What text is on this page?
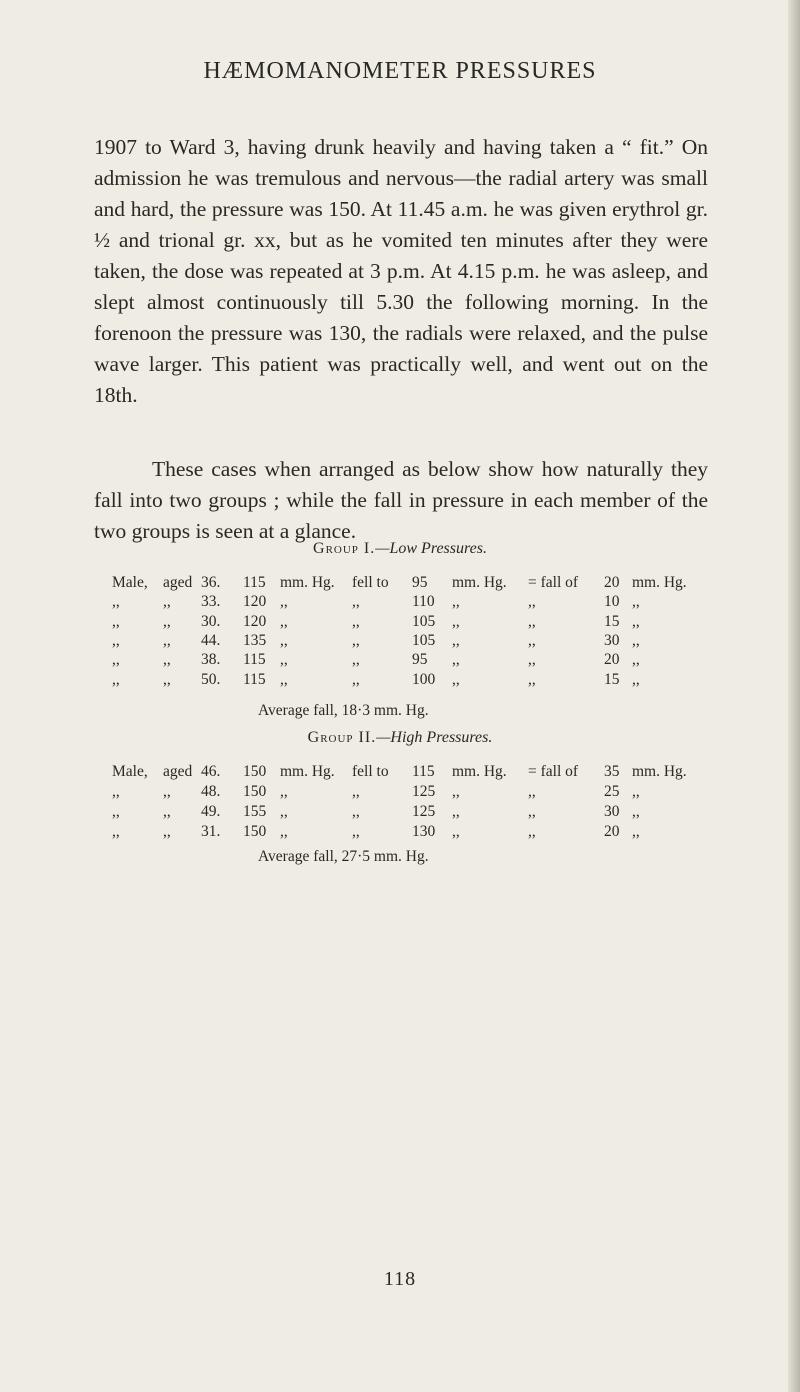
HÆMOMANOMETER PRESSURES

1907 to Ward 3, having drunk heavily and having taken a “ fit.” On admission he was tremulous and nervous—the radial artery was small and hard, the pressure was 150. At 11.45 a.m. he was given erythrol gr. ½ and trional gr. xx, but as he vomited ten minutes after they were taken, the dose was repeated at 3 p.m. At 4.15 p.m. he was asleep, and slept almost continuously till 5.30 the following morning. In the forenoon the pressure was 130, the radials were relaxed, and the pulse wave larger. This patient was practically well, and went out on the 18th.

These cases when arranged as below show how naturally they fall into two groups ; while the fall in pressure in each member of the two groups is seen at a glance.

Group I.—Low Pressures.
Male, aged 36. 115 mm. Hg. fell to 95 mm. Hg. = fall of 20 mm. Hg.
,,	,, 33. 120 ,,	,,	110 ,,	,,	10 ,,
,,	,, 30. 120 ,,	,,	105 ,,	,,	15 ,,
,,	,, 44. 135 ,,	,,	105 ,,	,,	30 ,,
,,	,, 38. 115 ,,	,,	95 ,,	,,	20 ,,
,,	,, 50. 115 ,,	,,	100 ,,	,,	15 ,,
Average fall, 18·3 mm. Hg.
Group II.—High Pressures.
Male, aged 46. 150 mm. Hg. fell to 115 mm. Hg. = fall of 35 mm. Hg.
,,	,, 48. 150 ,,	,,	125 ,,	,,	25 ,,
,,	,, 49. 155 ,,	,,	125 ,,	,,	30 ,,
,,	,, 31. 150 ,,	,,	130 ,,	,,	20 ,,
Average fall, 27·5 mm. Hg.
118
